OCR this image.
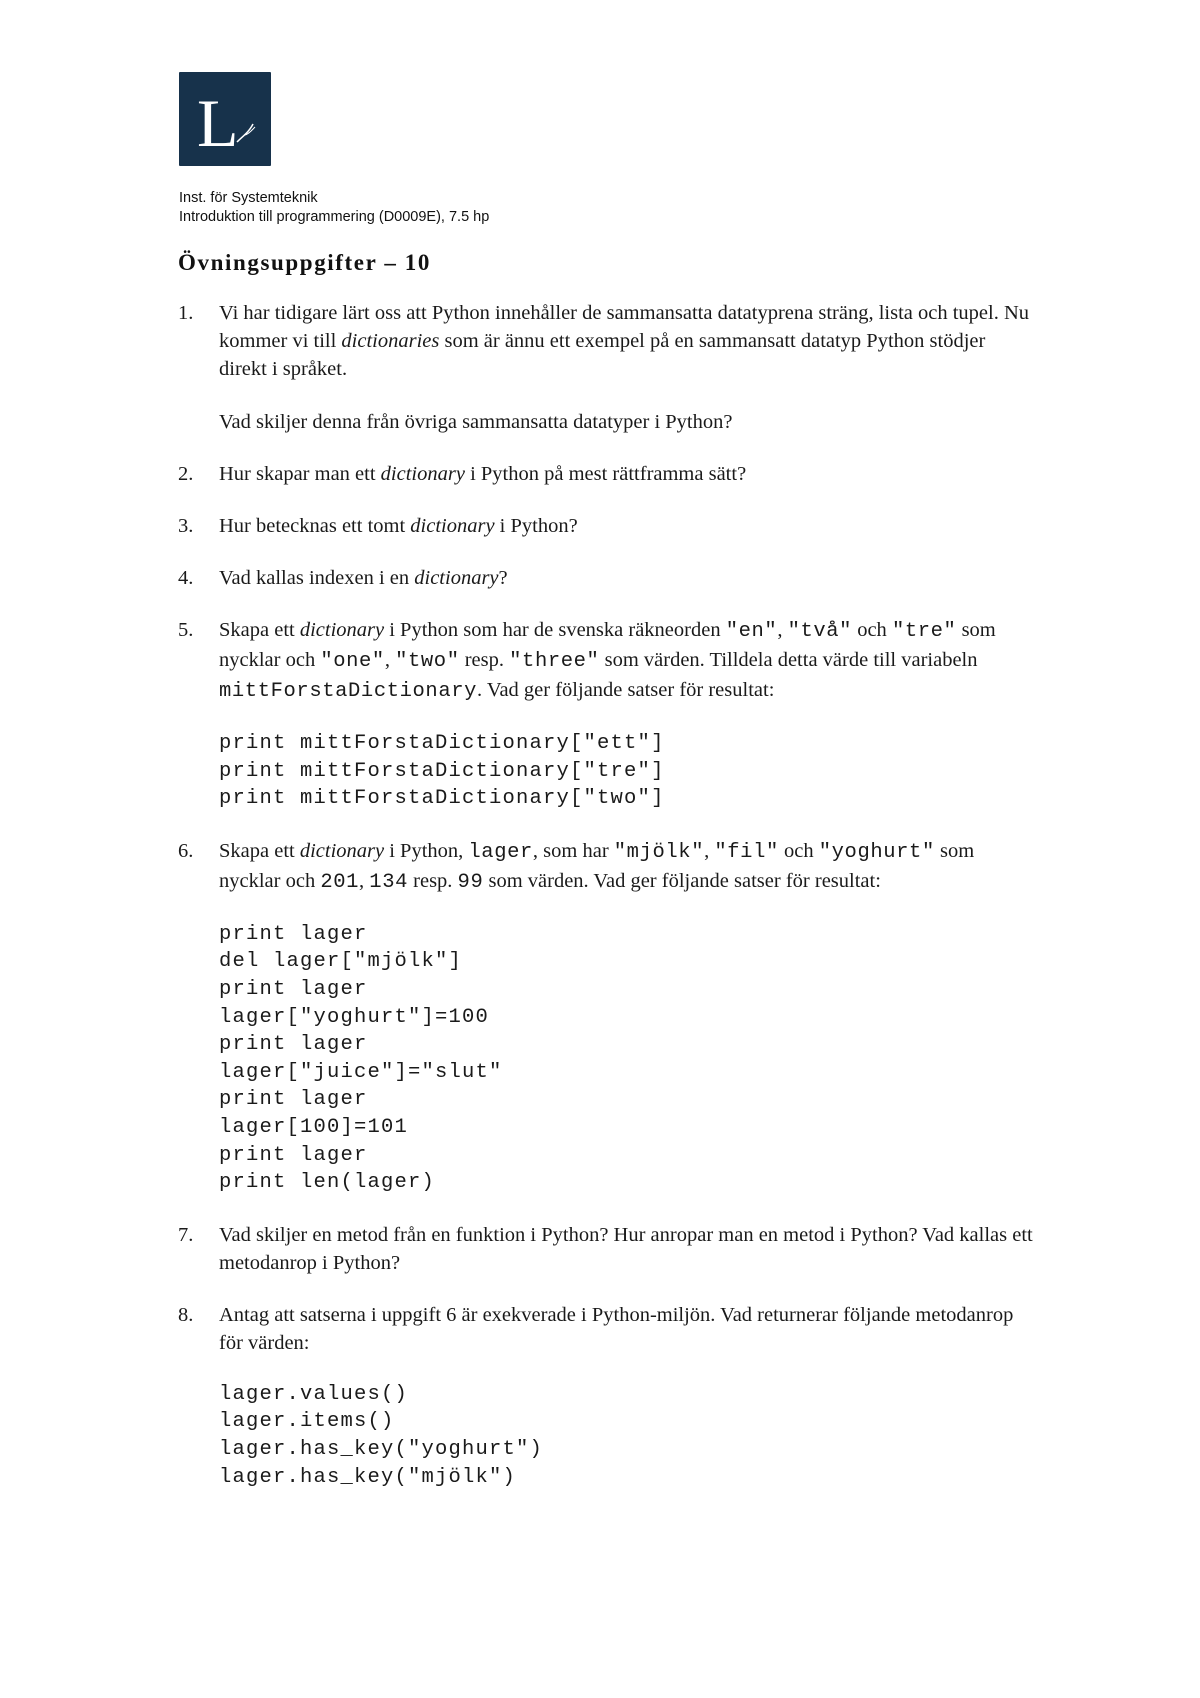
L
Inst. för Systemteknik
Introduktion till programmering (D0009E), 7.5 hp
Övningsuppgifter – 10
1. Vi har tidigare lärt oss att Python innehåller de sammansatta datatyprena sträng, lista och tupel. Nu kommer vi till dictionaries som är ännu ett exempel på en sammansatt datatyp Python stödjer direkt i språket.

Vad skiljer denna från övriga sammansatta datatyper i Python?

2. Hur skapar man ett dictionary i Python på mest rättframma sätt?

3. Hur betecknas ett tomt dictionary i Python?

4. Vad kallas indexen i en dictionary?

5. Skapa ett dictionary i Python som har de svenska räkneorden "en", "två" och "tre" som nycklar och "one", "two" resp. "three" som värden. Tilldela detta värde till variabeln mittForstaDictionary. Vad ger följande satser för resultat:

print mittForstaDictionary["ett"]
print mittForstaDictionary["tre"]
print mittForstaDictionary["two"]
6. Skapa ett dictionary i Python, lager, som har "mjölk", "fil" och "yoghurt" som nycklar och 201, 134 resp. 99 som värden. Vad ger följande satser för resultat:

print lager
del lager["mjölk"]
print lager
lager["yoghurt"]=100
print lager
lager["juice"]="slut"
print lager
lager[100]=101
print lager
print len(lager)
7. Vad skiljer en metod från en funktion i Python? Hur anropar man en metod i Python? Vad kallas ett metodanrop i Python?

8. Antag att satserna i uppgift 6 är exekverade i Python-miljön. Vad returnerar följande metodanrop för värden:

lager.values()
lager.items()
lager.has_key("yoghurt")
lager.has_key("mjölk")
